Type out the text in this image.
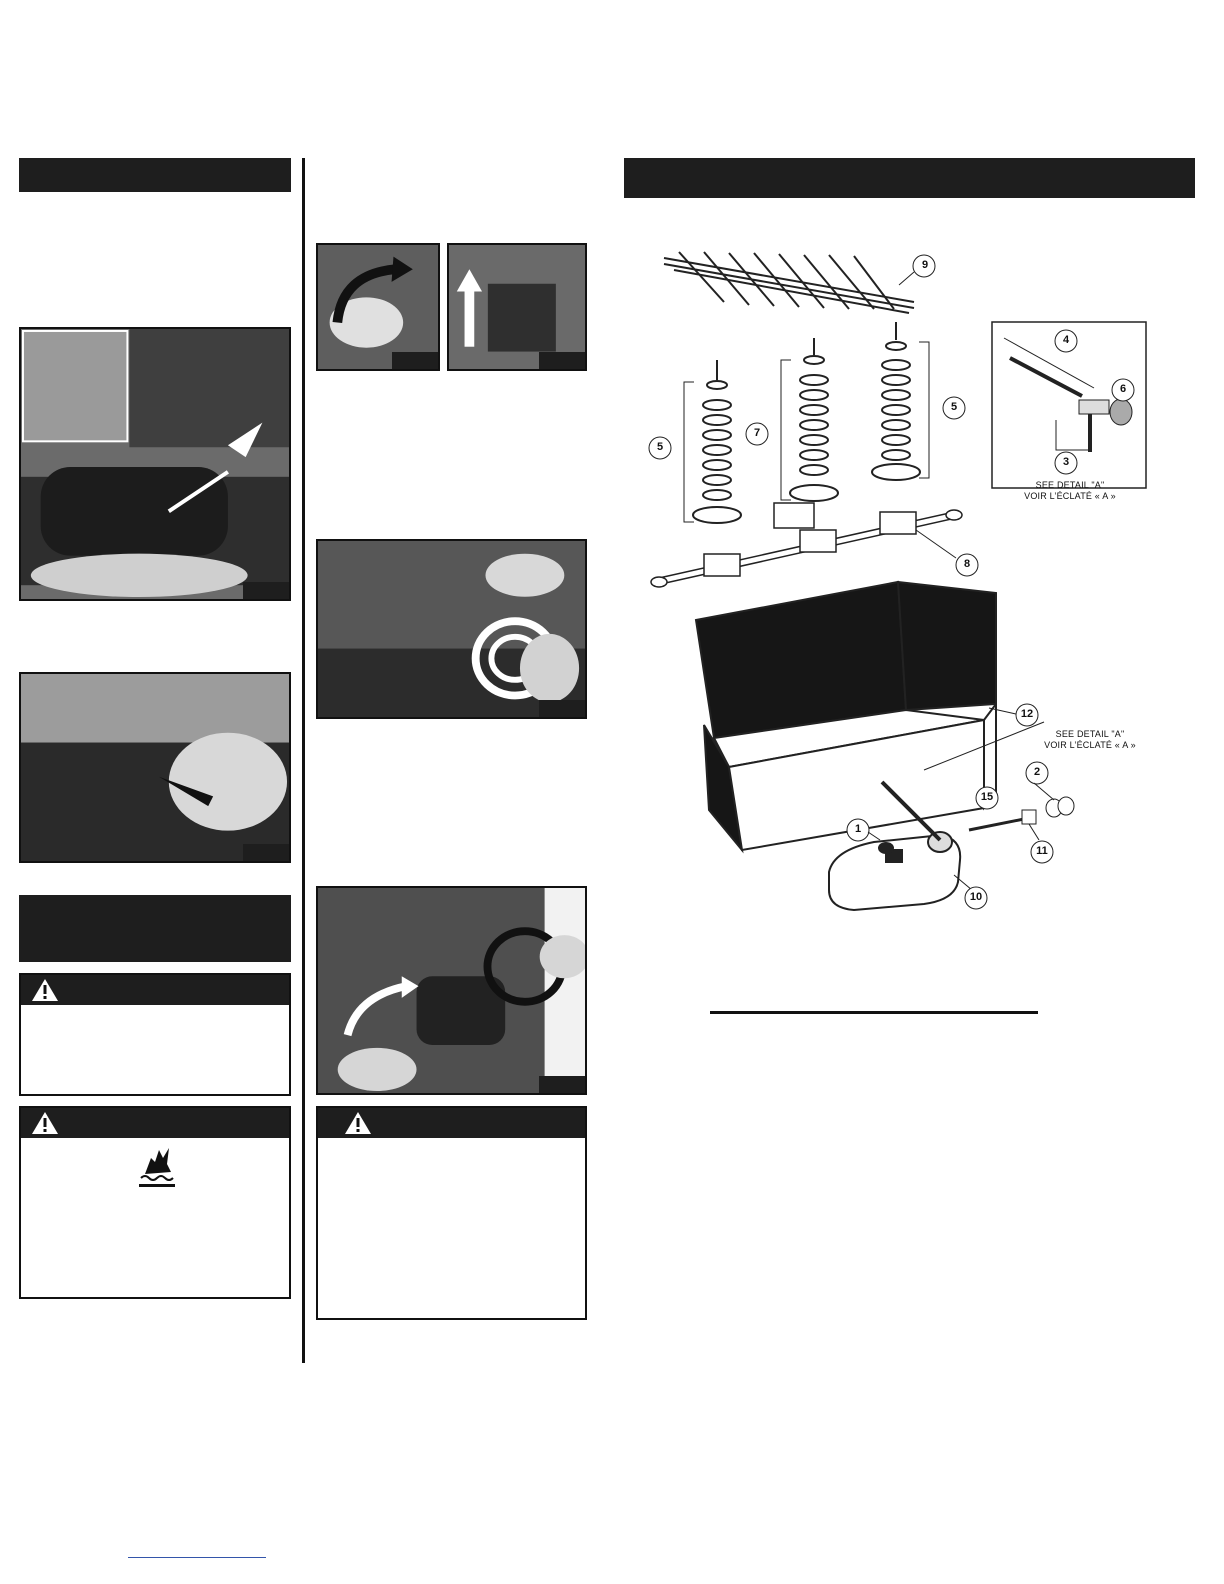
9
5
7
5
4
6
3
8
12
2
15
1
11
10
SEE DETAIL "A"
VOIR L’ÉCLATÉ « A »
SEE DETAIL "A"
VOIR L’ÉCLATÉ « A »
